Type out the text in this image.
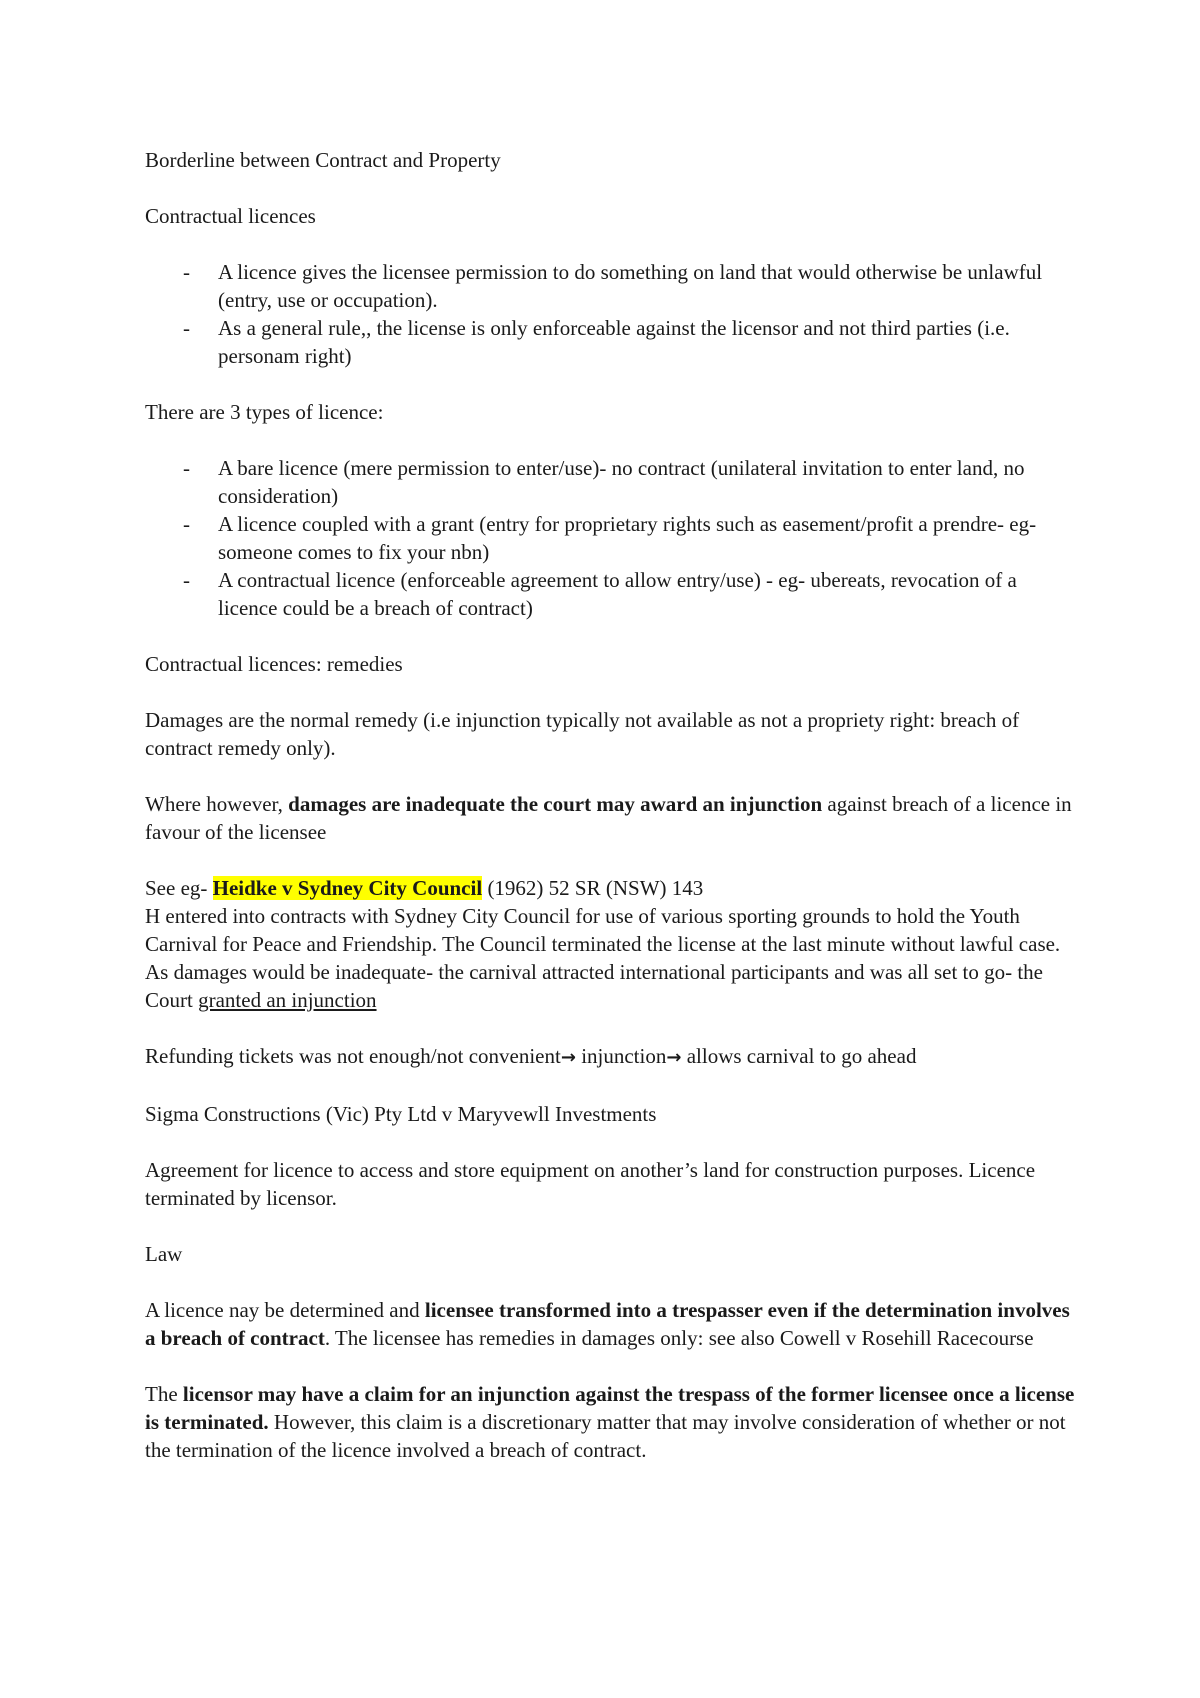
Borderline between Contract and Property

Contractual licences

- A licence gives the licensee permission to do something on land that would otherwise be unlawful (entry, use or occupation).
- As a general rule,, the license is only enforceable against the licensor and not third parties (i.e. personam right)

There are 3 types of licence:

- A bare licence (mere permission to enter/use)- no contract (unilateral invitation to enter land, no consideration)
- A licence coupled with a grant (entry for proprietary rights such as easement/profit a prendre- eg- someone comes to fix your nbn)
- A contractual licence (enforceable agreement to allow entry/use) - eg- ubereats, revocation of a licence could be a breach of contract)

Contractual licences: remedies

Damages are the normal remedy (i.e injunction typically not available as not a propriety right: breach of contract remedy only).

Where however, damages are inadequate the court may award an injunction against breach of a licence in favour of the licensee

See eg- Heidke v Sydney City Council (1962) 52 SR (NSW) 143

H entered into contracts with Sydney City Council for use of various sporting grounds to hold the Youth Carnival for Peace and Friendship. The Council terminated the license at the last minute without lawful case. As damages would be inadequate- the carnival attracted international participants and was all set to go- the Court granted an injunction

Refunding tickets was not enough/not convenient→ injunction→ allows carnival to go ahead

Sigma Constructions (Vic) Pty Ltd v Maryvewll Investments

Agreement for licence to access and store equipment on another’s land for construction purposes. Licence terminated by licensor.

Law

A licence nay be determined and licensee transformed into a trespasser even if the determination involves a breach of contract. The licensee has remedies in damages only: see also Cowell v Rosehill Racecourse

The licensor may have a claim for an injunction against the trespass of the former licensee once a license is terminated. However, this claim is a discretionary matter that may involve consideration of whether or not the termination of the licence involved a breach of contract.
